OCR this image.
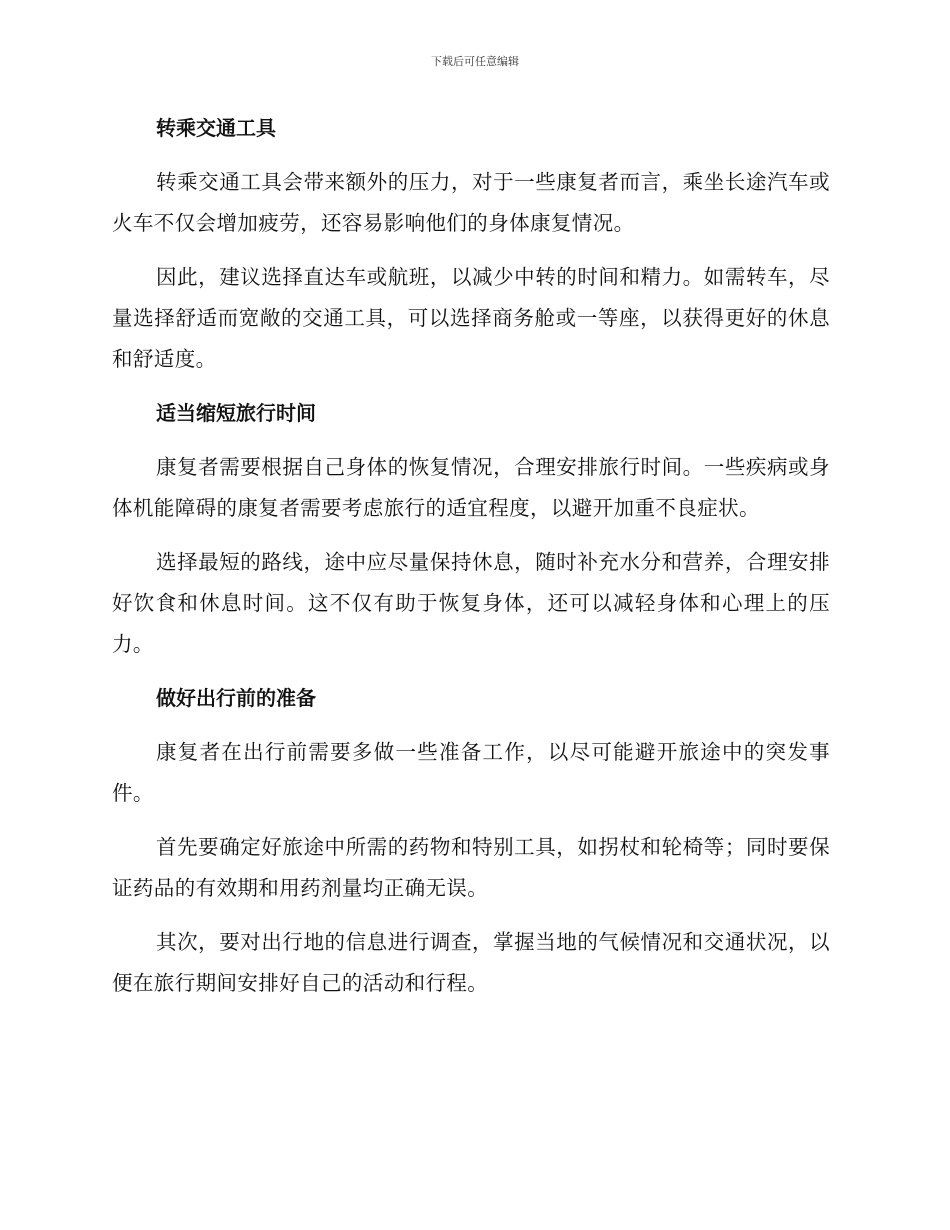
下载后可任意编辑
转乘交通工具

转乘交通工具会带来额外的压力，对于一些康复者而言，乘坐长途汽车或火车不仅会增加疲劳，还容易影响他们的身体康复情况。

因此，建议选择直达车或航班，以减少中转的时间和精力。如需转车，尽量选择舒适而宽敞的交通工具，可以选择商务舱或一等座，以获得更好的休息和舒适度。

适当缩短旅行时间

康复者需要根据自己身体的恢复情况，合理安排旅行时间。一些疾病或身体机能障碍的康复者需要考虑旅行的适宜程度，以避开加重不良症状。

选择最短的路线，途中应尽量保持休息，随时补充水分和营养，合理安排好饮食和休息时间。这不仅有助于恢复身体，还可以减轻身体和心理上的压力。

做好出行前的准备

康复者在出行前需要多做一些准备工作，以尽可能避开旅途中的突发事件。

首先要确定好旅途中所需的药物和特别工具，如拐杖和轮椅等；同时要保证药品的有效期和用药剂量均正确无误。

其次，要对出行地的信息进行调查，掌握当地的气候情况和交通状况，以便在旅行期间安排好自己的活动和行程。
